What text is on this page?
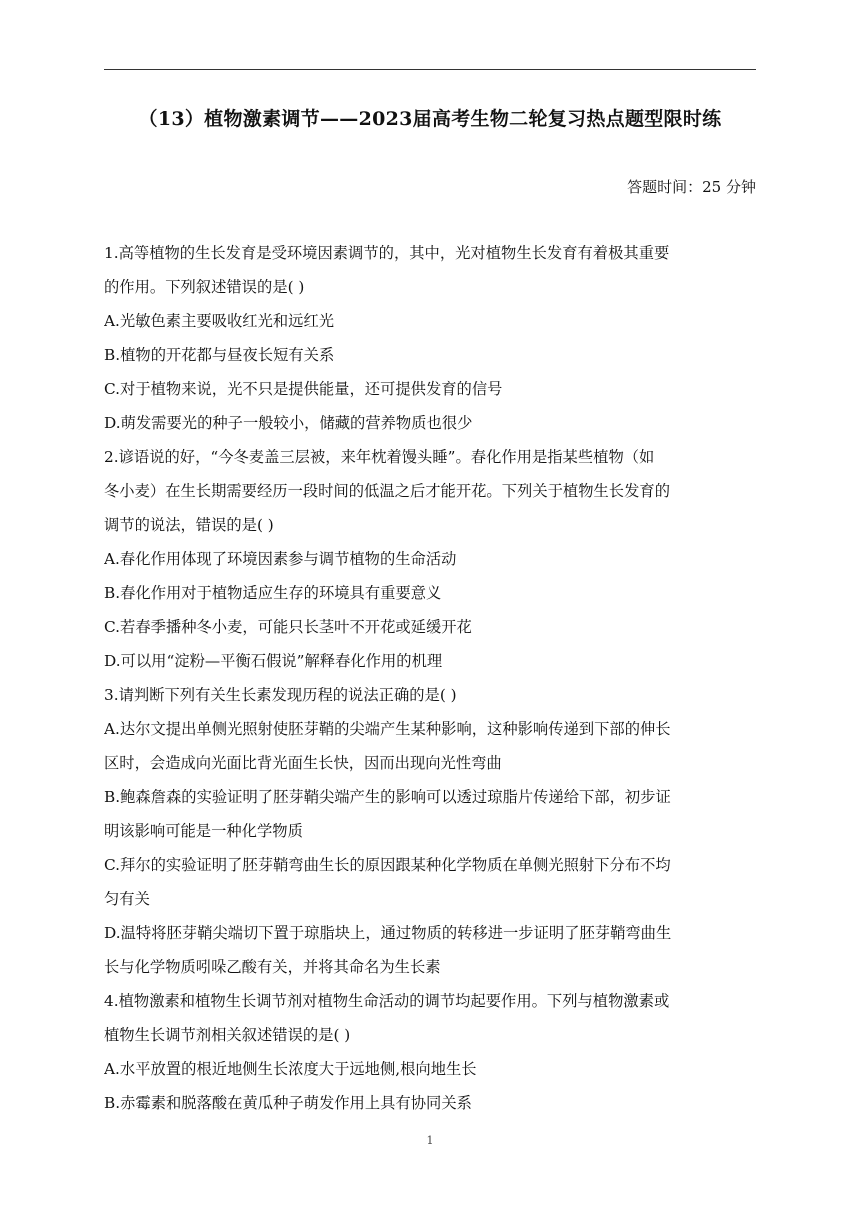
（13）植物激素调节——2023届高考生物二轮复习热点题型限时练
答题时间：25 分钟
1.高等植物的生长发育是受环境因素调节的，其中，光对植物生长发育有着极其重要
的作用。下列叙述错误的是( )
A.光敏色素主要吸收红光和远红光
B.植物的开花都与昼夜长短有关系
C.对于植物来说，光不只是提供能量，还可提供发育的信号
D.萌发需要光的种子一般较小，储藏的营养物质也很少
2.谚语说的好，“今冬麦盖三层被，来年枕着馒头睡”。春化作用是指某些植物（如
冬小麦）在生长期需要经历一段时间的低温之后才能开花。下列关于植物生长发育的
调节的说法，错误的是( )
A.春化作用体现了环境因素参与调节植物的生命活动
B.春化作用对于植物适应生存的环境具有重要意义
C.若春季播种冬小麦，可能只长茎叶不开花或延缓开花
D.可以用“淀粉—平衡石假说”解释春化作用的机理
3.请判断下列有关生长素发现历程的说法正确的是( )
A.达尔文提出单侧光照射使胚芽鞘的尖端产生某种影响，这种影响传递到下部的伸长
区时，会造成向光面比背光面生长快，因而出现向光性弯曲
B.鲍森詹森的实验证明了胚芽鞘尖端产生的影响可以透过琼脂片传递给下部，初步证
明该影响可能是一种化学物质
C.拜尔的实验证明了胚芽鞘弯曲生长的原因跟某种化学物质在单侧光照射下分布不均
匀有关
D.温特将胚芽鞘尖端切下置于琼脂块上，通过物质的转移进一步证明了胚芽鞘弯曲生
长与化学物质吲哚乙酸有关，并将其命名为生长素
4.植物激素和植物生长调节剂对植物生命活动的调节均起要作用。下列与植物激素或
植物生长调节剂相关叙述错误的是( )
A.水平放置的根近地侧生长浓度大于远地侧,根向地生长
B.赤霉素和脱落酸在黄瓜种子萌发作用上具有协同关系
1
